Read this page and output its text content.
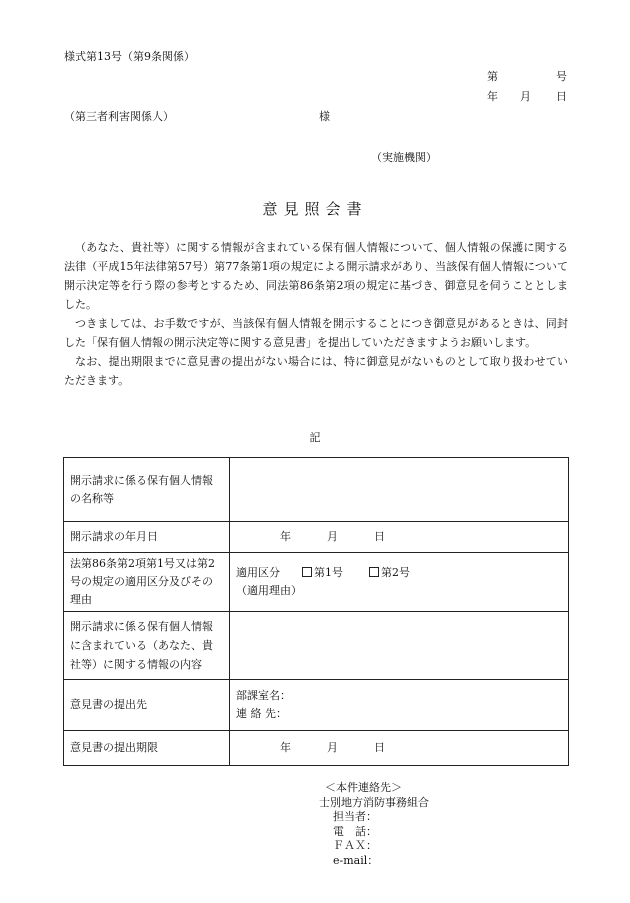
様式第13号（第9条関係）
第	号
年 月 日
（第三者利害関係人）	様
（実施機関）
意見照会書

（あなた、貴社等）に関する情報が含まれている保有個人情報について、個人情報の保護に関する法律（平成15年法律第57号）第77条第1項の規定による開示請求があり、当該保有個人情報について開示決定等を行う際の参考とするため、同法第86条第2項の規定に基づき、御意見を伺うこととしました。

つきましては、お手数ですが、当該保有個人情報を開示することにつき御意見があるときは、同封した「保有個人情報の開示決定等に関する意見書」を提出していただきますようお願いします。

なお、提出期限までに意見書の提出がない場合には、特に御意見がないものとして取り扱わせていただきます。

記
開示請求に係る保有個人情報の名称等	
開示請求の年月日	年 月 日
法第86条第2項第1号又は第2号の規定の適用区分及びその理由	適用区分 第1号 第2号
（適用理由）

開示請求に係る保有個人情報に含まれている（あなた、貴社等）に関する情報の内容	
意見書の提出先	部課室名：
連 絡 先：

意見書の提出期限	年 月 日
＜本件連絡先＞
士別地方消防事務組合
担当者：
電　話：
ＦＡＸ：
e-mail：
